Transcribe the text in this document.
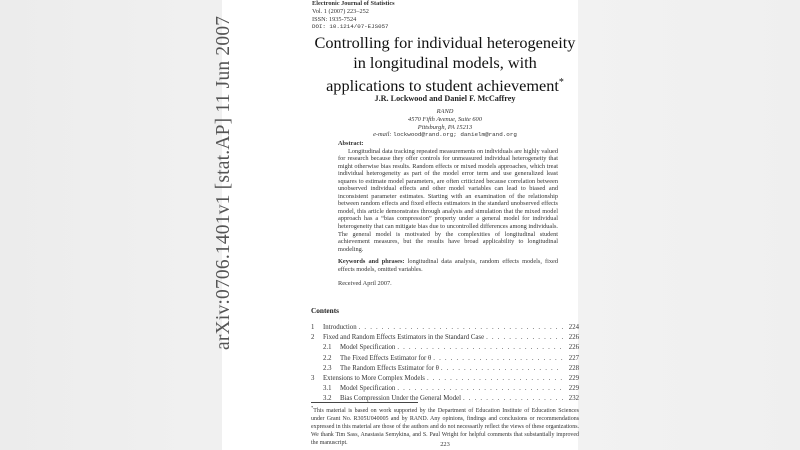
arXiv:0706.1401v1 [stat.AP] 11 Jun 2007
Electronic Journal of Statistics
Vol. 1 (2007) 223–252
ISSN: 1935-7524
DOI: 10.1214/07-EJS057
Controlling for individual heterogeneity
in longitudinal models, with
applications to student achievement*
J.R. Lockwood and Daniel F. McCaffrey
RAND
4570 Fifth Avenue, Suite 600
Pittsburgh, PA 15213
e-mail: lockwood@rand.org; danielm@rand.org
Abstract:

Longitudinal data tracking repeated measurements on individuals are highly valued for research because they offer controls for unmeasured individual heterogeneity that might otherwise bias results. Random effects or mixed models approaches, which treat individual heterogeneity as part of the model error term and use generalized least squares to estimate model parameters, are often criticized because correlation between unobserved individual effects and other model variables can lead to biased and inconsistent parameter estimates. Starting with an examination of the relationship between random effects and fixed effects estimators in the standard unobserved effects model, this article demonstrates through analysis and simulation that the mixed model approach has a “bias compression” property under a general model for individual heterogeneity that can mitigate bias due to uncontrolled differences among individuals. The general model is motivated by the complexities of longitudinal student achievement measures, but the results have broad applicability to longitudinal modeling.

Keywords and phrases: longitudinal data analysis, random effects models, fixed effects models, omitted variables.
Received April 2007.
Contents
1	Introduction . . .	224
2	Fixed and Random Effects Estimators in the Standard Case . . .	226
2.1	Model Specification . . .	226
2.2	The Fixed Effects Estimator for θ . . .	227
2.3	The Random Effects Estimator for θ . . .	228
3	Extensions to More Complex Models . . .	229
3.1	Model Specification . . .	229
3.2	Bias Compression Under the General Model . . .	232
*This material is based on work supported by the Department of Education Institute of Education Sciences under Grant No. R305U040005 and by RAND. Any opinions, findings and conclusions or recommendations expressed in this material are those of the authors and do not necessarily reflect the views of these organizations. We thank Tim Sass, Anastasia Semykina, and S. Paul Wright for helpful comments that substantially improved the manuscript.	223
